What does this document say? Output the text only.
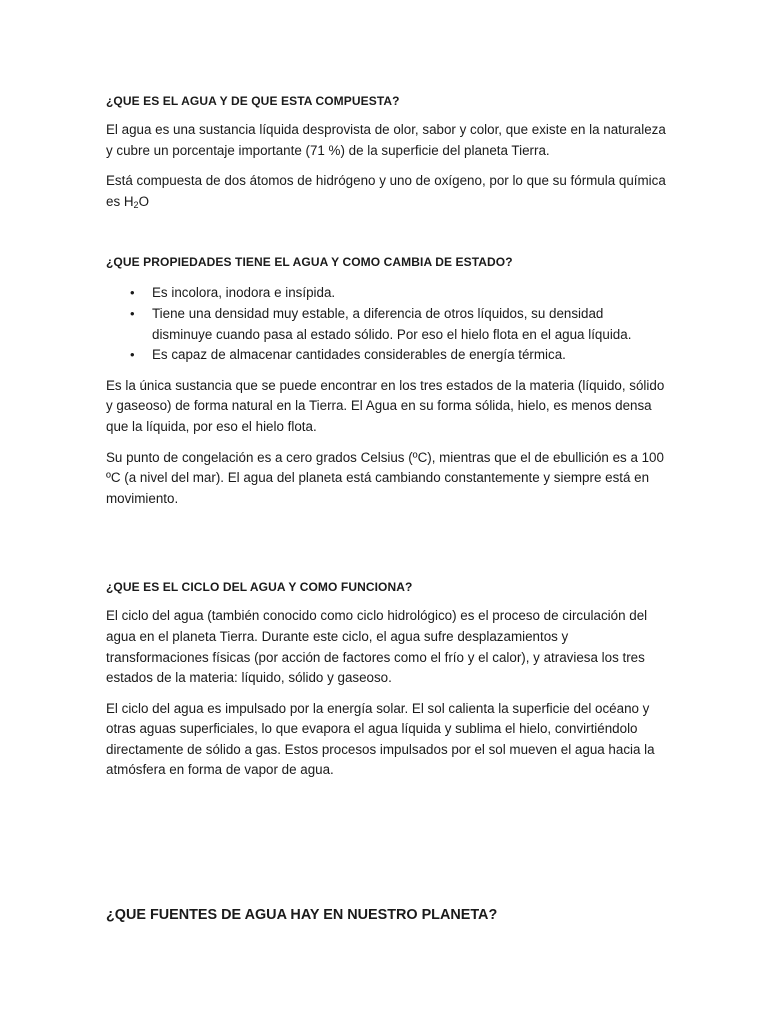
¿QUE ES EL AGUA Y DE QUE ESTA COMPUESTA?

El agua es una sustancia líquida desprovista de olor, sabor y color, que existe en la naturaleza y cubre un porcentaje importante (71 %) de la superficie del planeta Tierra.

Está compuesta de dos átomos de hidrógeno y uno de oxígeno, por lo que su fórmula química es $H_2O$

¿QUE PROPIEDADES TIENE EL AGUA Y COMO CAMBIA DE ESTADO?
• Es incolora, inodora e insípida.
• Tiene una densidad muy estable, a diferencia de otros líquidos, su densidad disminuye cuando pasa al estado sólido. Por eso el hielo flota en el agua líquida.
• Es capaz de almacenar cantidades considerables de energía térmica.

Es la única sustancia que se puede encontrar en los tres estados de la materia (líquido, sólido y gaseoso) de forma natural en la Tierra. El Agua en su forma sólida, hielo, es menos densa que la líquida, por eso el hielo flota.

Su punto de congelación es a cero grados Celsius (ºC), mientras que el de ebullición es a 100 ºC (a nivel del mar). El agua del planeta está cambiando constantemente y siempre está en movimiento.

¿QUE ES EL CICLO DEL AGUA Y COMO FUNCIONA?

El ciclo del agua (también conocido como ciclo hidrológico) es el proceso de circulación del agua en el planeta Tierra. Durante este ciclo, el agua sufre desplazamientos y transformaciones físicas (por acción de factores como el frío y el calor), y atraviesa los tres estados de la materia: líquido, sólido y gaseoso.

El ciclo del agua es impulsado por la energía solar. El sol calienta la superficie del océano y otras aguas superficiales, lo que evapora el agua líquida y sublima el hielo, convirtiéndolo directamente de sólido a gas. Estos procesos impulsados por el sol mueven el agua hacia la atmósfera en forma de vapor de agua.

¿QUE FUENTES DE AGUA HAY EN NUESTRO PLANETA?
